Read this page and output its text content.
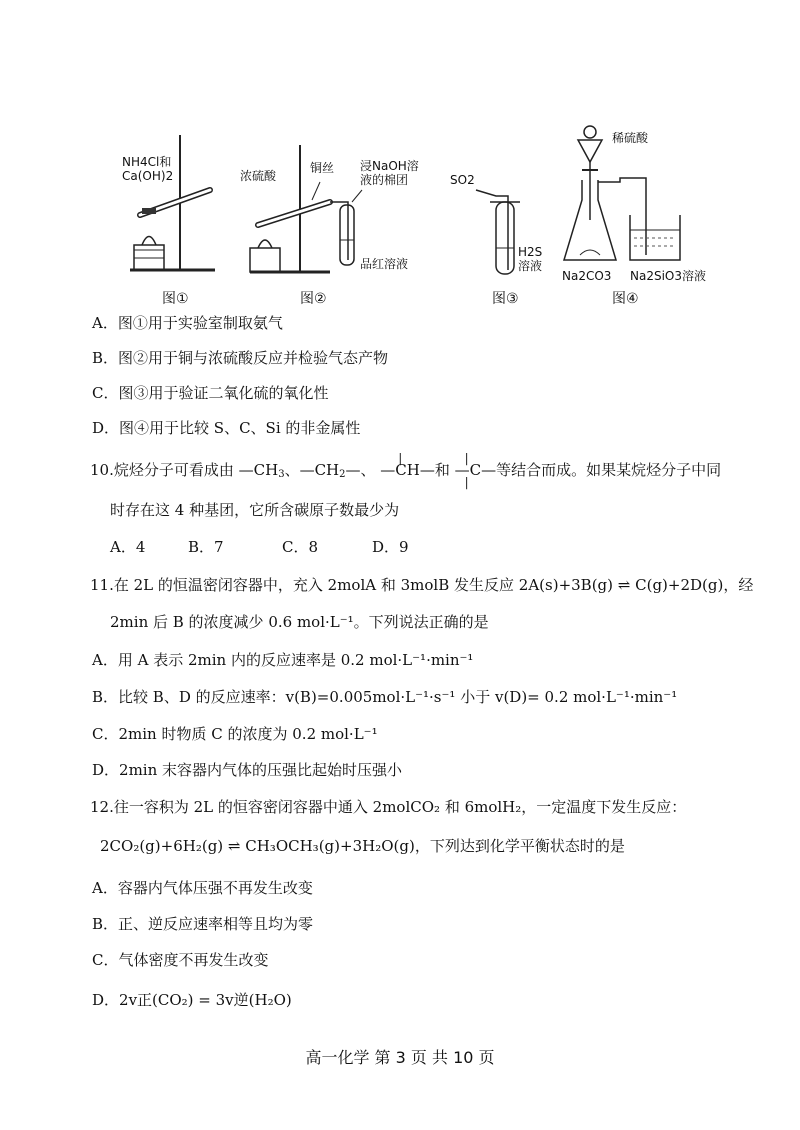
NH4Cl和
Ca(OH)2
图①
浓硫酸
铜丝 浸NaOH溶
液的棉团
品红溶液
图②
SO2
H2S
溶液
图③
稀硫酸
Na2CO3 Na2SiO3溶液
图④
A．图①用于实验室制取氨气
B．图②用于铜与浓硫酸反应并检验气态产物
C．图③用于验证二氧化硫的氧化性
D．图④用于比较 S、C、Si 的非金属性
10.烷烃分子可看成由 $—CH_3$、$—CH_2—$、
|
—CH—和
|
—C—
|
等结合而成。如果某烷烃分子中同
时存在这 4 种基团，它所含碳原子数最少为
A．4	B．7	C．8	D．9
11.在 2L 的恒温密闭容器中，充入 2molA 和 3molB 发生反应 2A(s)+3B(g) ⇌ C(g)+2D(g)，经
2min 后 B 的浓度减少 0.6 mol·L⁻¹。下列说法正确的是
A．用 A 表示 2min 内的反应速率是 0.2 mol·L⁻¹·min⁻¹
B．比较 B、D 的反应速率：v(B)=0.005mol·L⁻¹·s⁻¹ 小于 v(D)= 0.2 mol·L⁻¹·min⁻¹
C．2min 时物质 C 的浓度为 0.2 mol·L⁻¹
D．2min 末容器内气体的压强比起始时压强小
12.往一容积为 2L 的恒容密闭容器中通入 2molCO₂ 和 6molH₂，一定温度下发生反应：
2CO₂(g)+6H₂(g) ⇌ CH₃OCH₃(g)+3H₂O(g)，下列达到化学平衡状态时的是
A．容器内气体压强不再发生改变
B．正、逆反应速率相等且均为零
C．气体密度不再发生改变
D．2v正(CO₂) = 3v逆(H₂O)
高一化学 第 3 页 共 10 页
